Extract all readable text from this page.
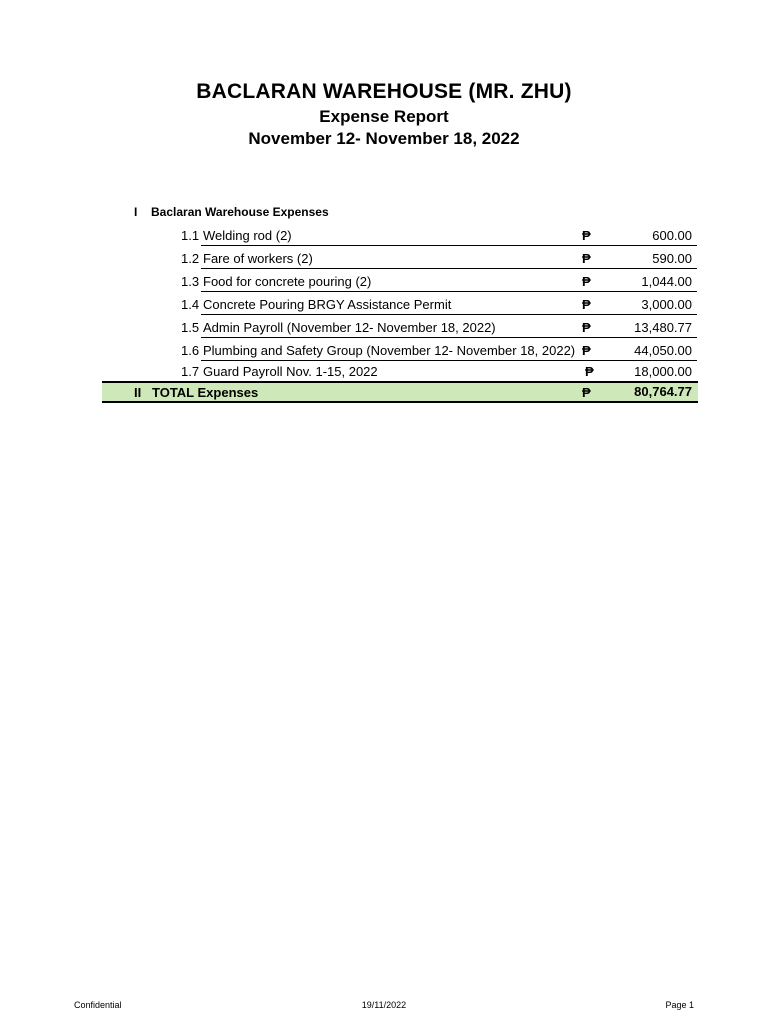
BACLARAN WAREHOUSE (MR. ZHU)
Expense Report
November 12- November 18, 2022
I Baclaran Warehouse Expenses
1.1 Welding rod (2)	₱	600.00
1.2 Fare of workers (2)	₱	590.00
1.3 Food for concrete pouring (2)	₱	1,044.00
1.4 Concrete Pouring BRGY Assistance Permit	₱	3,000.00
1.5 Admin Payroll (November 12- November 18, 2022)	₱	13,480.77
1.6 Plumbing and Safety Group (November 12- November 18, 2022) ₱	44,050.00
1.7 Guard Payroll Nov. 1-15, 2022	₱	18,000.00
II TOTAL Expenses	₱	80,764.77
Confidential	19/11/2022	Page 1
